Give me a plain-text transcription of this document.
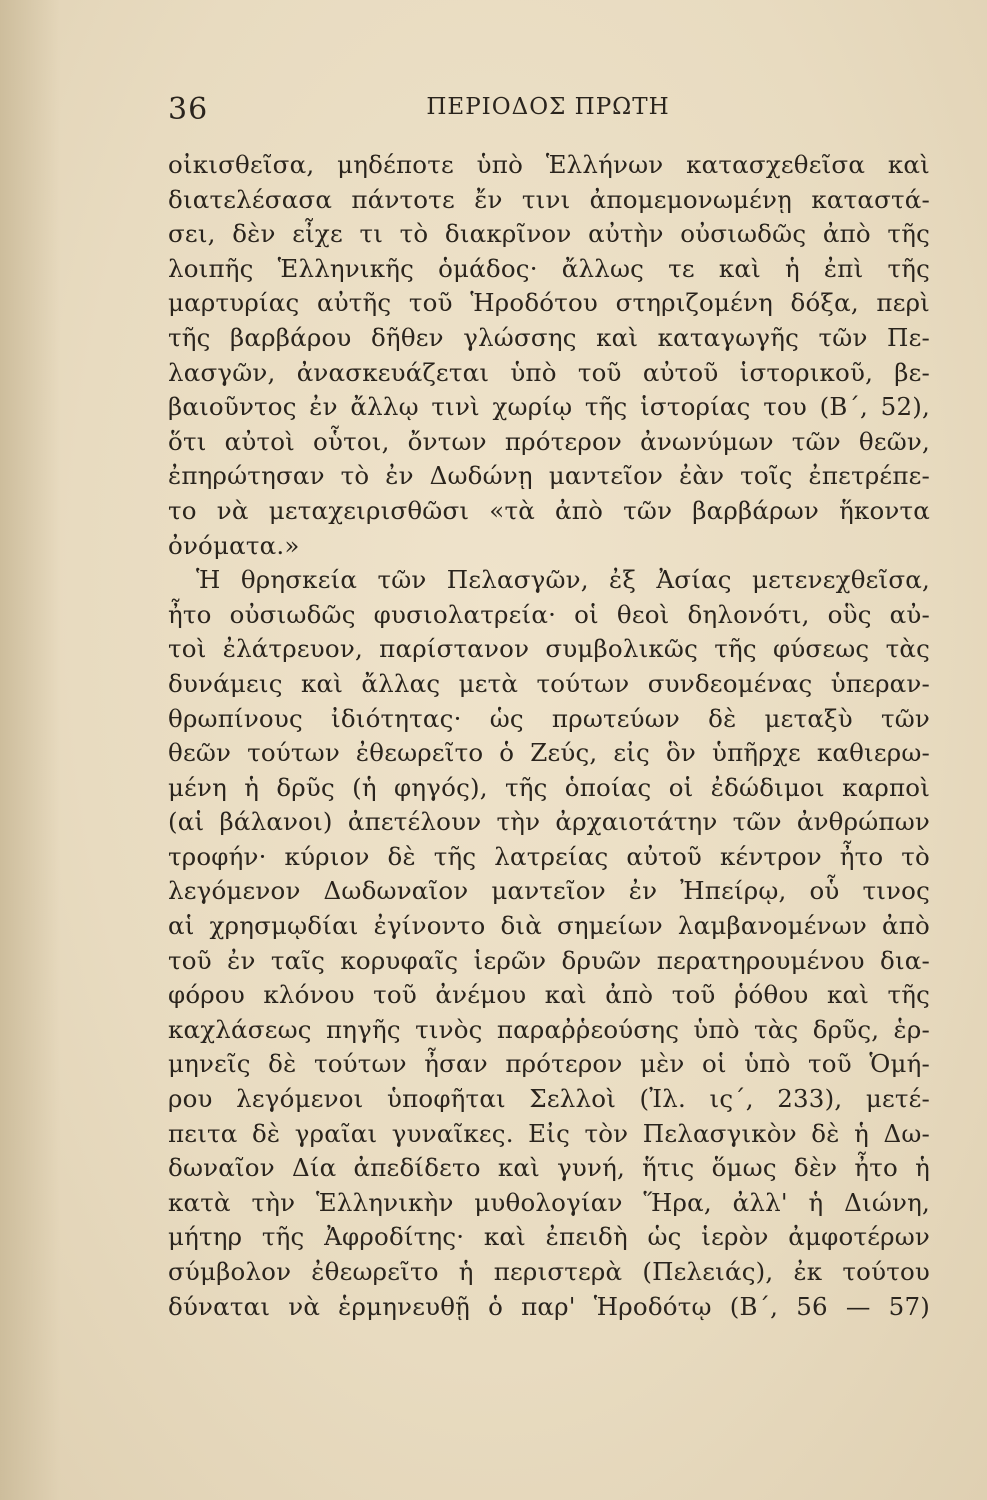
36	ΠΕΡΙΟΔΟΣ ΠΡΩΤΗ
οἰκισθεῖσα, μηδέποτε ὑπὸ Ἑλλήνων κατασχεθεῖσα καὶ
διατελέσασα πάντοτε ἔν τινι ἀπομεμονωμένῃ καταστά-
σει, δὲν εἶχε τι τὸ διακρῖνον αὐτὴν οὐσιωδῶς ἀπὸ τῆς
λοιπῆς Ἑλληνικῆς ὁμάδος· ἄλλως τε καὶ ἡ ἐπὶ τῆς
μαρτυρίας αὐτῆς τοῦ Ἡροδότου στηριζομένη δόξα, περὶ
τῆς βαρβάρου δῆθεν γλώσσης καὶ καταγωγῆς τῶν Πε-
λασγῶν, ἀνασκευάζεται ὑπὸ τοῦ αὐτοῦ ἱστορικοῦ, βε-
βαιοῦντος ἐν ἄλλῳ τινὶ χωρίῳ τῆς ἱστορίας του (Β΄, 52),
ὅτι αὐτοὶ οὗτοι, ὄντων πρότερον ἀνωνύμων τῶν θεῶν,
ἐπηρώτησαν τὸ ἐν Δωδώνῃ μαντεῖον ἐὰν τοῖς ἐπετρέπε-
το νὰ μεταχειρισθῶσι «τὰ ἀπὸ τῶν βαρβάρων ἥκοντα
ὀνόματα.»
Ἡ θρησκεία τῶν Πελασγῶν, ἐξ Ἀσίας μετενεχθεῖσα,
ἦτο οὐσιωδῶς φυσιολατρεία· οἱ θεοὶ δηλονότι, οὓς αὐ-
τοὶ ἐλάτρευον, παρίστανον συμβολικῶς τῆς φύσεως τὰς
δυνάμεις καὶ ἄλλας μετὰ τούτων συνδεομένας ὑπεραν-
θρωπίνους ἰδιότητας· ὡς πρωτεύων δὲ μεταξὺ τῶν
θεῶν τούτων ἐθεωρεῖτο ὁ Ζεύς, εἰς ὃν ὑπῆρχε καθιερω-
μένη ἡ δρῦς (ἡ φηγός), τῆς ὁποίας οἱ ἐδώδιμοι καρποὶ
(αἱ βάλανοι) ἀπετέλουν τὴν ἀρχαιοτάτην τῶν ἀνθρώπων
τροφήν· κύριον δὲ τῆς λατρείας αὐτοῦ κέντρον ἦτο τὸ
λεγόμενον Δωδωναῖον μαντεῖον ἐν Ἠπείρῳ, οὗ τινος
αἱ χρησμῳδίαι ἐγίνοντο διὰ σημείων λαμβανομένων ἀπὸ
τοῦ ἐν ταῖς κορυφαῖς ἱερῶν δρυῶν περατηρουμένου δια-
φόρου κλόνου τοῦ ἀνέμου καὶ ἀπὸ τοῦ ῥόθου καὶ τῆς
καχλάσεως πηγῆς τινὸς παραῤῥεούσης ὑπὸ τὰς δρῦς, ἑρ-
μηνεῖς δὲ τούτων ἦσαν πρότερον μὲν οἱ ὑπὸ τοῦ Ὁμή-
ρου λεγόμενοι ὑποφῆται Σελλοὶ (Ἰλ. ις΄, 233), μετέ-
πειτα δὲ γραῖαι γυναῖκες. Εἰς τὸν Πελασγικὸν δὲ ἡ Δω-
δωναῖον Δία ἀπεδίδετο καὶ γυνή, ἥτις ὅμως δὲν ἦτο ἡ
κατὰ τὴν Ἑλληνικὴν μυθολογίαν Ἥρα, ἀλλ' ἡ Διώνη,
μήτηρ τῆς Ἀφροδίτης· καὶ ἐπειδὴ ὡς ἱερὸν ἀμφοτέρων
σύμβολον ἐθεωρεῖτο ἡ περιστερὰ (Πελειάς), ἐκ τούτου
δύναται νὰ ἑρμηνευθῇ ὁ παρ' Ἡροδότῳ (Β΄, 56 — 57)
